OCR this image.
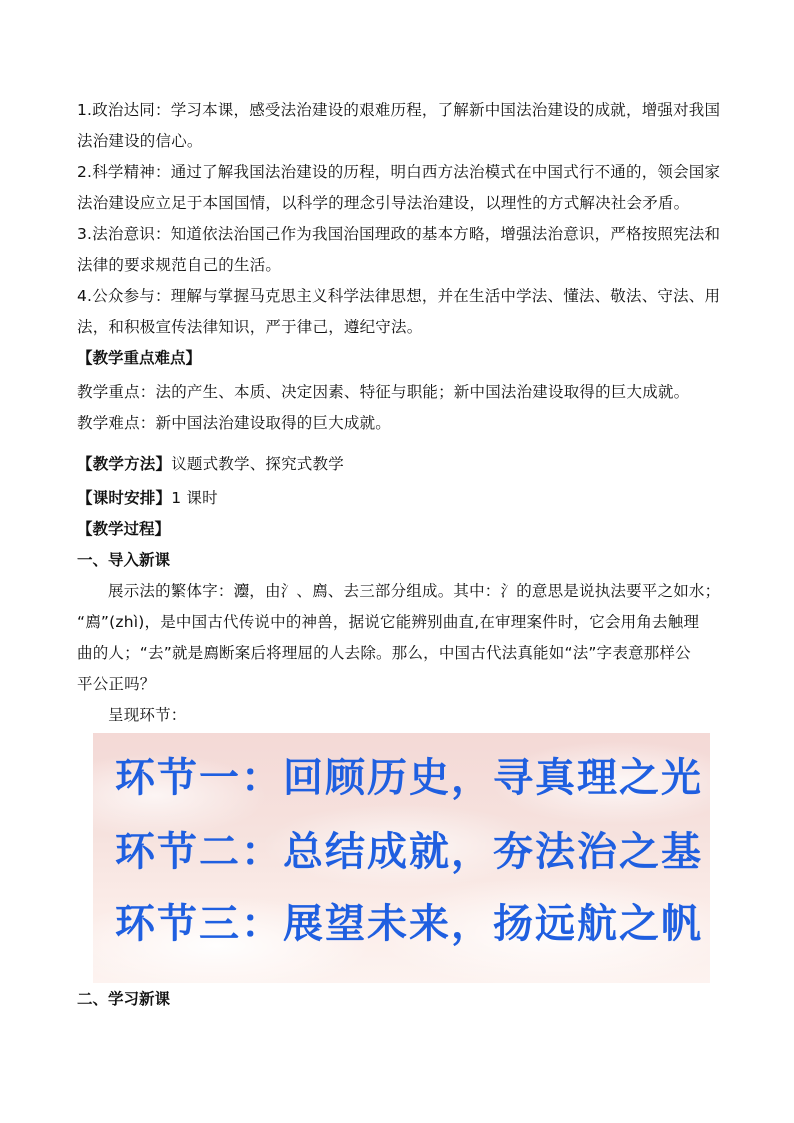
1.政治达同：学习本课，感受法治建设的艰难历程，了解新中国法治建设的成就，增强对我国

法治建设的信心。

2.科学精神：通过了解我国法治建设的历程，明白西方法治模式在中国式行不通的，领会国家

法治建设应立足于本国国情，以科学的理念引导法治建设，以理性的方式解决社会矛盾。

3.法治意识：知道依法治国己作为我国治国理政的基本方略，增强法治意识，严格按照宪法和

法律的要求规范自己的生活。

4.公众参与：理解与掌握马克思主义科学法律思想，并在生活中学法、懂法、敬法、守法、用

法，和积极宣传法律知识，严于律己，遵纪守法。

【教学重点难点】

教学重点：法的产生、本质、决定因素、特征与职能；新中国法治建设取得的巨大成就。

教学难点：新中国法治建设取得的巨大成就。

【教学方法】议题式教学、探究式教学

【课时安排】1 课时

【教学过程】

一、导入新课

展示法的繁体字：灋，由氵、廌、去三部分组成。其中：氵的意思是说执法要平之如水；

“廌”(zhì)，是中国古代传说中的神兽，据说它能辨别曲直,在审理案件时，它会用角去触理

曲的人；“去”就是廌断案后将理屈的人去除。那么，中国古代法真能如“法”字表意那样公

平公正吗？

呈现环节：

环节一：回顾历史，寻真理之光
环节二：总结成就，夯法治之基
环节三：展望未来，扬远航之帆

二、学习新课
